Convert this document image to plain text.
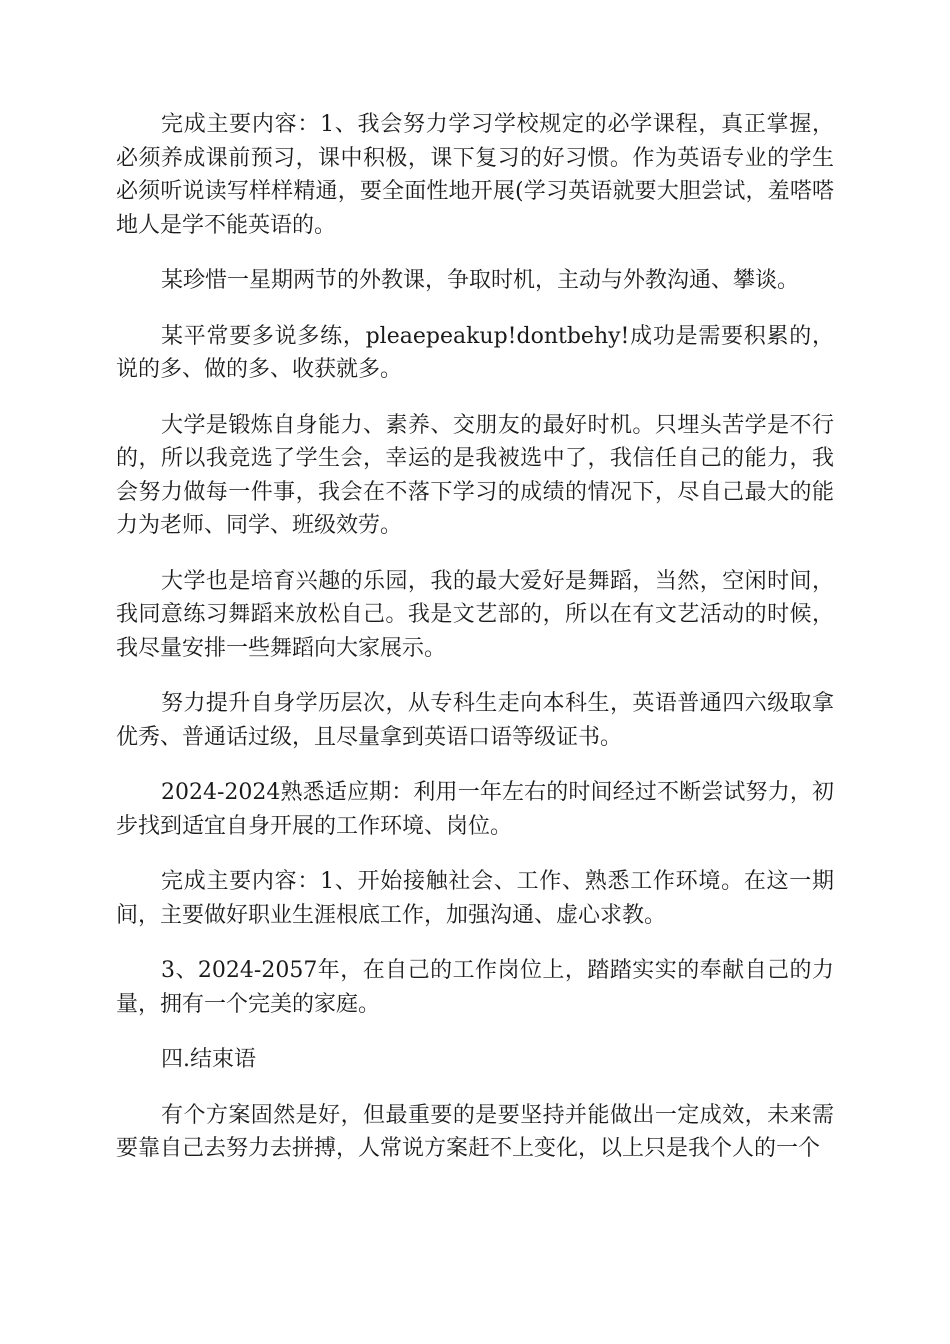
完成主要内容：1、我会努力学习学校规定的必学课程，真正掌握，必须养成课前预习，课中积极，课下复习的好习惯。作为英语专业的学生必须听说读写样样精通，要全面性地开展(学习英语就要大胆尝试，羞嗒嗒地人是学不能英语的。

某珍惜一星期两节的外教课，争取时机，主动与外教沟通、攀谈。

某平常要多说多练，pleaepeakup!dontbehy!成功是需要积累的，说的多、做的多、收获就多。

大学是锻炼自身能力、素养、交朋友的最好时机。只埋头苦学是不行的，所以我竞选了学生会，幸运的是我被选中了，我信任自己的能力，我会努力做每一件事，我会在不落下学习的成绩的情况下，尽自己最大的能力为老师、同学、班级效劳。

大学也是培育兴趣的乐园，我的最大爱好是舞蹈，当然，空闲时间，我同意练习舞蹈来放松自己。我是文艺部的，所以在有文艺活动的时候，我尽量安排一些舞蹈向大家展示。

努力提升自身学历层次，从专科生走向本科生，英语普通四六级取拿优秀、普通话过级，且尽量拿到英语口语等级证书。

2024-2024熟悉适应期：利用一年左右的时间经过不断尝试努力，初步找到适宜自身开展的工作环境、岗位。

完成主要内容：1、开始接触社会、工作、熟悉工作环境。在这一期间，主要做好职业生涯根底工作，加强沟通、虚心求教。

3、2024-2057年，在自己的工作岗位上，踏踏实实的奉献自己的力量，拥有一个完美的家庭。

四.结束语

有个方案固然是好，但最重要的是要坚持并能做出一定成效，未来需要靠自己去努力去拼搏，人常说方案赶不上变化，以上只是我个人的一个
